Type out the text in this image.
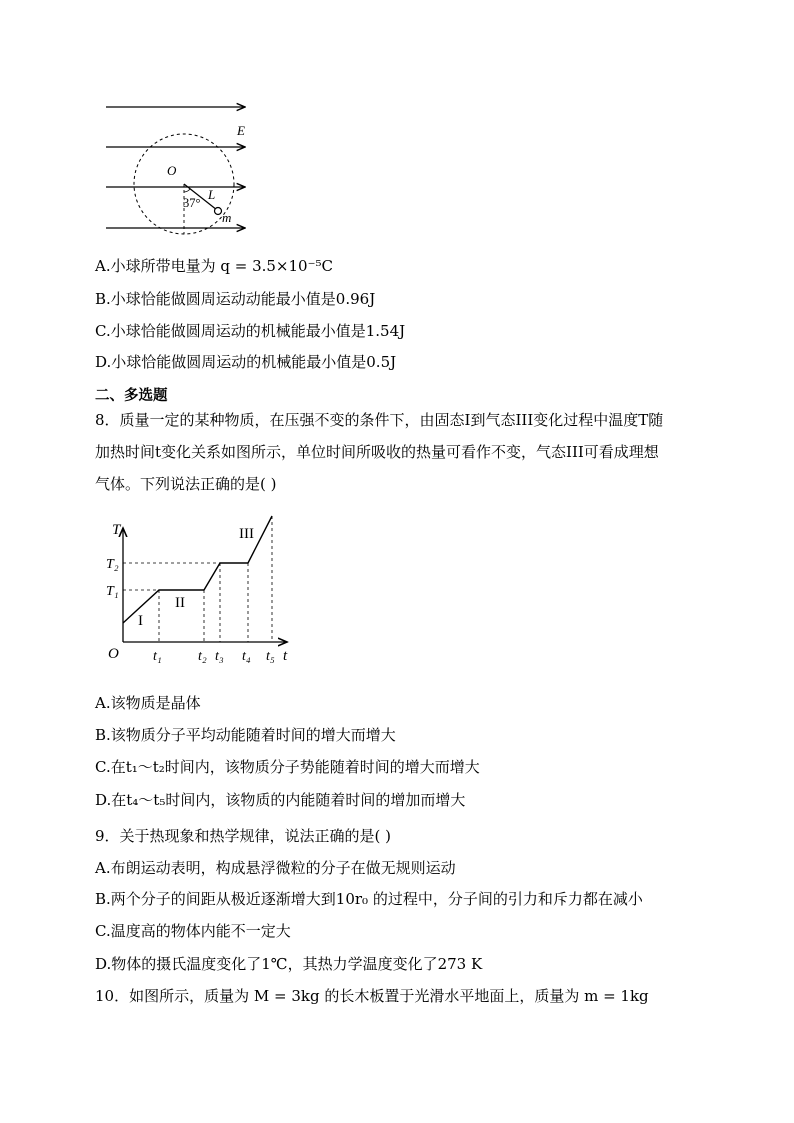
E
O
L
m
37°
A.小球所带电量为 q = 3.5×10⁻⁵C
B.小球恰能做圆周运动动能最小值是0.96J
C.小球恰能做圆周运动的机械能最小值是1.54J
D.小球恰能做圆周运动的机械能最小值是0.5J
二、多选题
8．质量一定的某种物质，在压强不变的条件下，由固态I到气态III变化过程中温度T随
加热时间t变化关系如图所示，单位时间所吸收的热量可看作不变，气态III可看成理想
气体。下列说法正确的是( )
T
t
O
T₂
T₁
t₁	t₂ t₃ t₄ t₅
I
II
III
A.该物质是晶体
B.该物质分子平均动能随着时间的增大而增大
C.在t₁～t₂时间内，该物质分子势能随着时间的增大而增大
D.在t₄～t₅时间内，该物质的内能随着时间的增加而增大
9．关于热现象和热学规律，说法正确的是( )
A.布朗运动表明，构成悬浮微粒的分子在做无规则运动
B.两个分子的间距从极近逐渐增大到10r₀ 的过程中，分子间的引力和斥力都在减小
C.温度高的物体内能不一定大
D.物体的摄氏温度变化了1℃，其热力学温度变化了273 K
10．如图所示，质量为 M = 3kg 的长木板置于光滑水平地面上，质量为 m = 1kg
